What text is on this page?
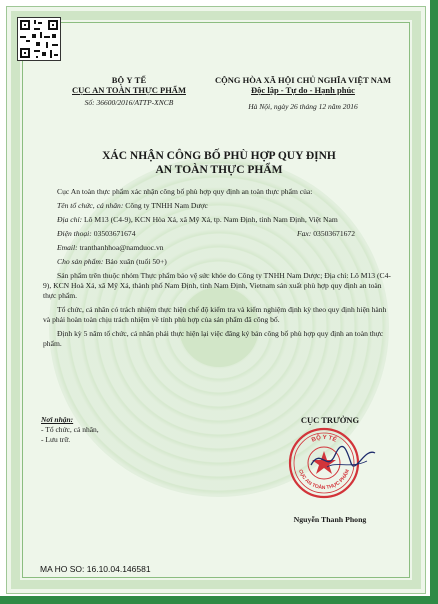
BỘ Y TẾ
CỤC AN TOÀN THỰC PHẨM
Số: 36600/2016/ATTP-XNCB
CỘNG HÒA XÃ HỘI CHỦ NGHĨA VIỆT NAM
Độc lập - Tự do - Hạnh phúc
Hà Nội, ngày 26 tháng 12 năm 2016
XÁC NHẬN CÔNG BỐ PHÙ HỢP QUY ĐỊNH
AN TOÀN THỰC PHẨM

Cục An toàn thực phẩm xác nhận công bố phù hợp quy định an toàn thực phẩm của:

Tên tổ chức, cá nhân: Công ty TNHH Nam Dược

Địa chỉ: Lô M13 (C4-9), KCN Hòa Xá, xã Mỹ Xá, tp. Nam Định, tỉnh Nam Định, Việt Nam

Điện thoại: 03503671674	Fax: 03503671672

Email: tranthanhhoa@namduoc.vn

Cho sản phẩm: Bảo xuân (tuổi 50+)

Sản phẩm trên thuộc nhóm Thực phẩm bảo vệ sức khỏe do Công ty TNHH Nam Dược; Địa chỉ: Lô M13 (C4-9), KCN Hoà Xá, xã Mỹ Xá, thành phố Nam Định, tỉnh Nam Định, Vietnam sản xuất phù hợp quy định an toàn thực phẩm.

Tổ chức, cá nhân có trách nhiệm thực hiện chế độ kiểm tra và kiểm nghiệm định kỳ theo quy định hiện hành và phải hoàn toàn chịu trách nhiệm về tính phù hợp của sản phẩm đã công bố.

Định kỳ 5 năm tổ chức, cá nhân phải thực hiện lại việc đăng ký bản công bố phù hợp quy định an toàn thực phẩm.

Nơi nhận:
- Tổ chức, cá nhân,
- Lưu trữ.
CỤC TRƯỞNG
Nguyễn Thanh Phong
BỘ Y TẾ
CỤC AN TOÀN THỰC PHẨM
MA HO SO: 16.10.04.146581
